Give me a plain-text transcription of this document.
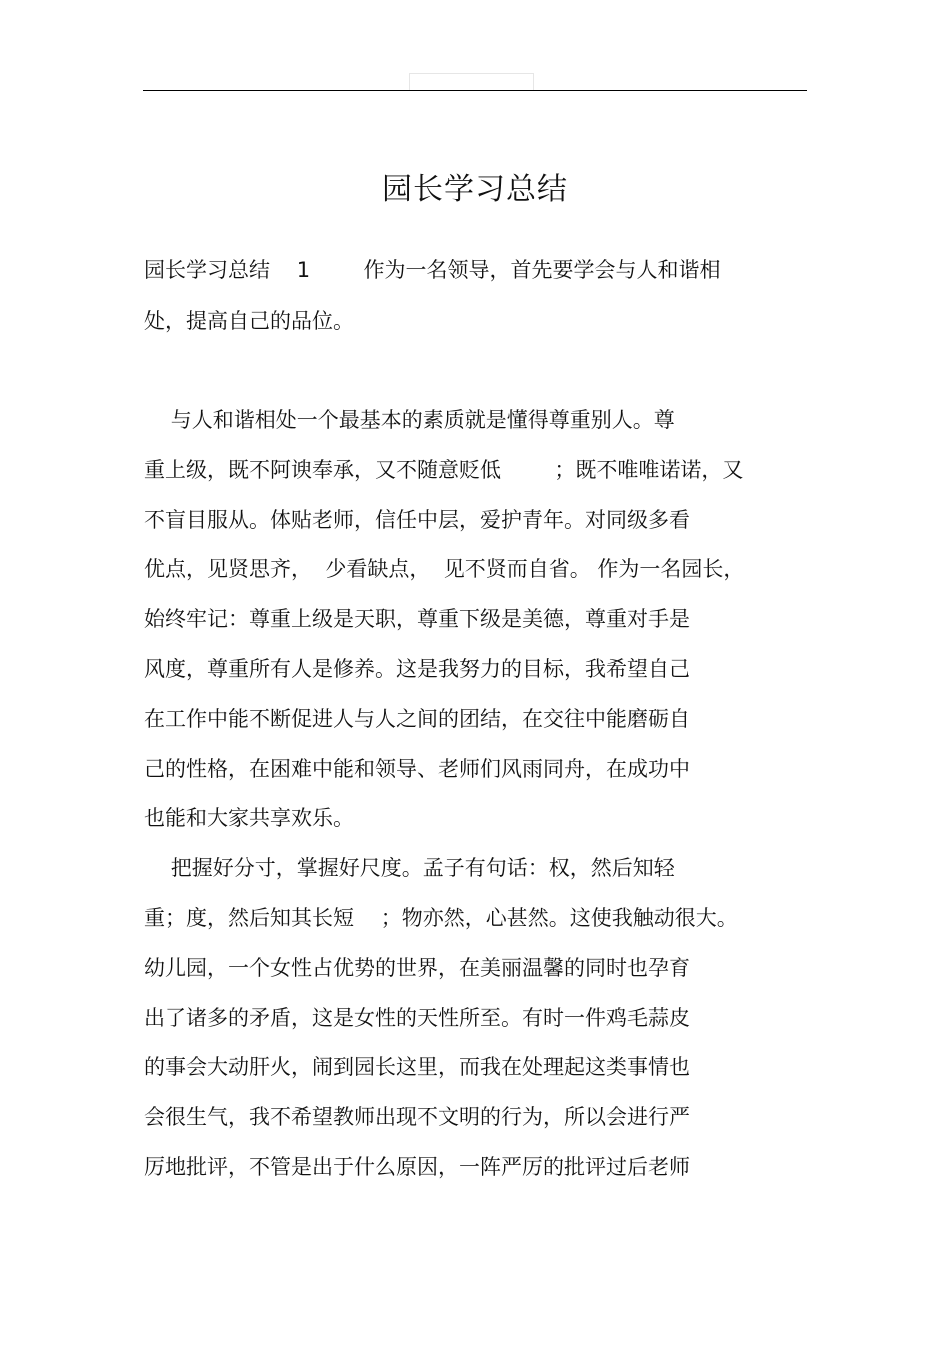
园长学习总结
园长学习总结    1        作为一名领导，首先要学会与人和谐相
处，提高自己的品位。
与人和谐相处一个最基本的素质就是懂得尊重别人。尊
重上级，既不阿谀奉承，又不随意贬低        ；既不唯唯诺诺，又
不盲目服从。体贴老师，信任中层，爱护青年。对同级多看
优点，见贤思齐，  少看缺点，  见不贤而自省。 作为一名园长，
始终牢记：尊重上级是天职，尊重下级是美德，尊重对手是
风度，尊重所有人是修养。这是我努力的目标，我希望自己
在工作中能不断促进人与人之间的团结，在交往中能磨砺自
己的性格，在困难中能和领导、老师们风雨同舟，在成功中
也能和大家共享欢乐。
把握好分寸，掌握好尺度。孟子有句话：权，然后知轻
重；度，然后知其长短    ；物亦然，心甚然。这使我触动很大。
幼儿园，一个女性占优势的世界，在美丽温馨的同时也孕育
出了诸多的矛盾，这是女性的天性所至。有时一件鸡毛蒜皮
的事会大动肝火，闹到园长这里，而我在处理起这类事情也
会很生气，我不希望教师出现不文明的行为，所以会进行严
厉地批评，不管是出于什么原因，一阵严厉的批评过后老师
